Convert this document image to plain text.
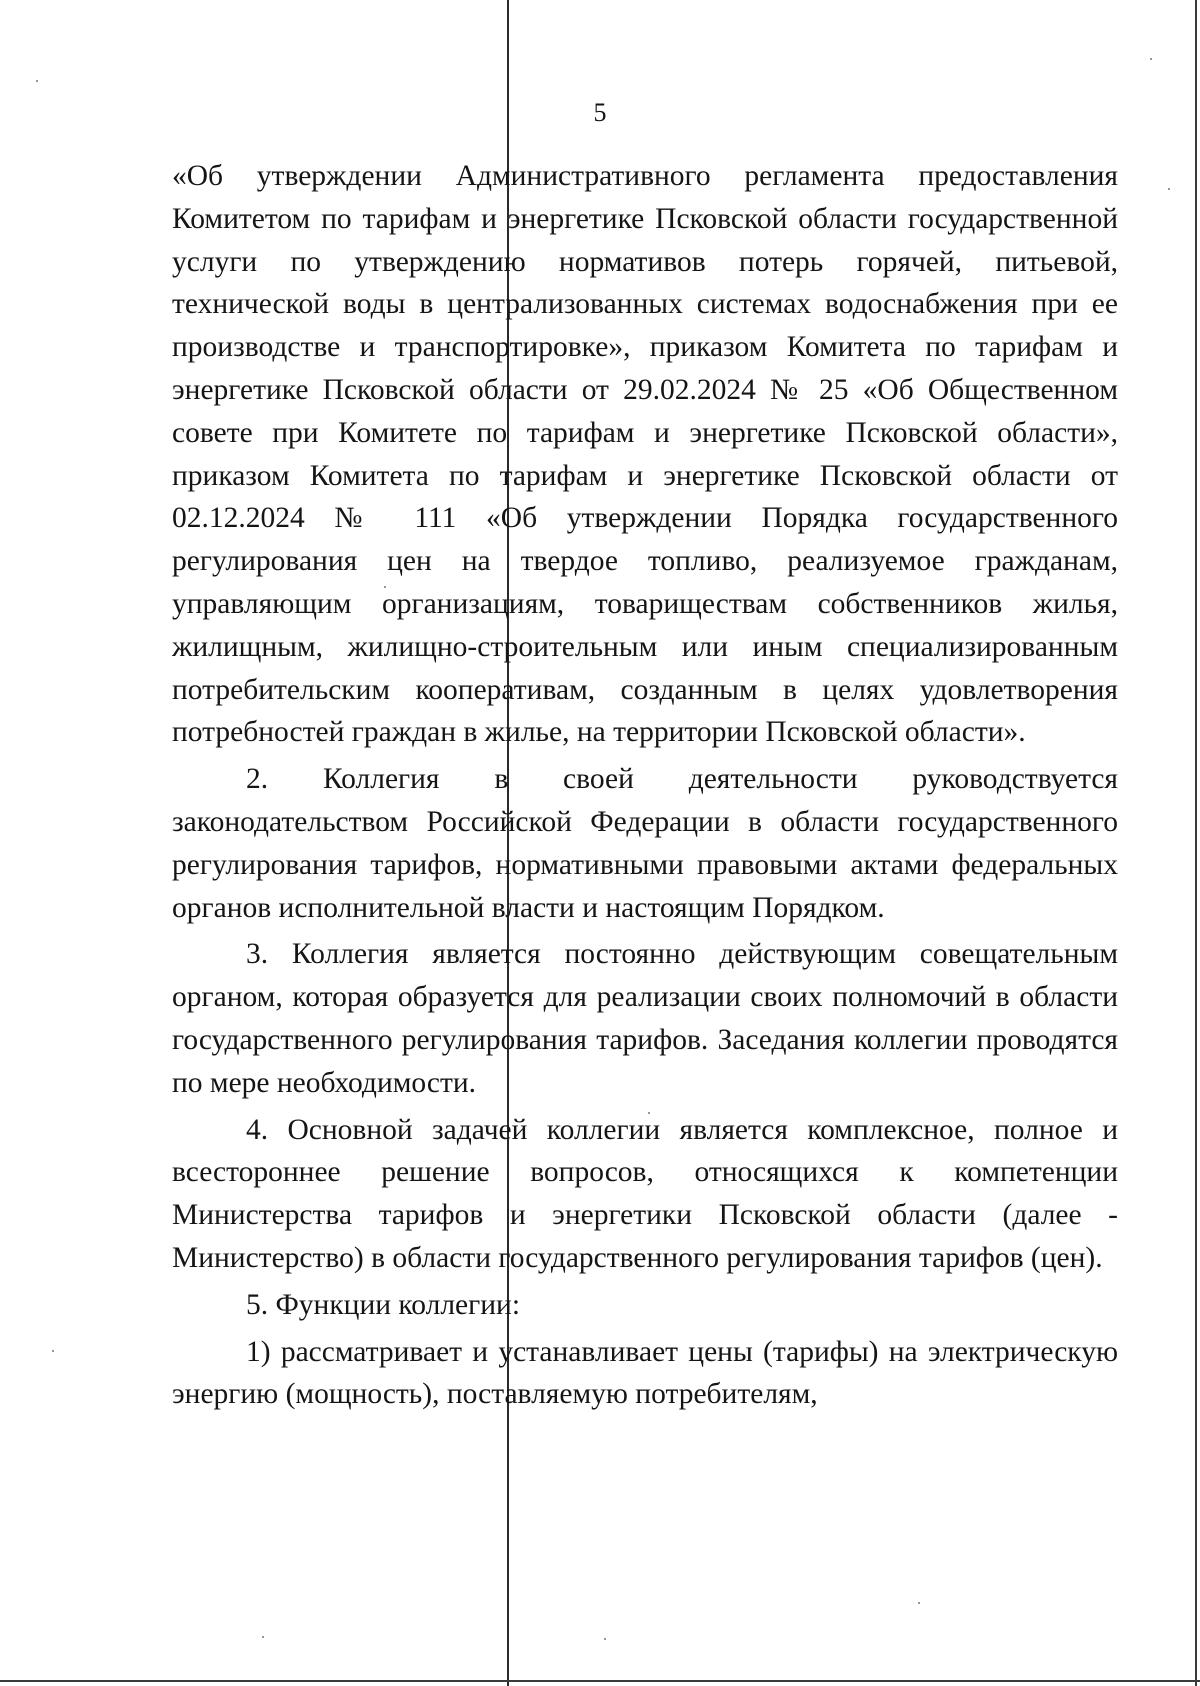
5

«Об утверждении Административного регламента предоставления Комитетом по тарифам и энергетике Псковской области государственной услуги по утверждению нормативов потерь горячей, питьевой, технической воды в централизованных системах водоснабжения при ее производстве и транспортировке», приказом Комитета по тарифам и энергетике Псковской области от 29.02.2024 № 25 «Об Общественном совете при Комитете по тарифам и энергетике Псковской области», приказом Комитета по тарифам и энергетике Псковской области от 02.12.2024 № 111 «Об утверждении Порядка государственного регулирования цен на твердое топливо, реализуемое гражданам, управляющим организациям, товариществам собственников жилья, жилищным, жилищно-строительным или иным специализированным потребительским кооперативам, созданным в целях удовлетворения потребностей граждан в жилье, на территории Псковской области».

2. Коллегия в своей деятельности руководствуется законодательством Российской Федерации в области государственного регулирования тарифов, нормативными правовыми актами федеральных органов исполнительной власти и настоящим Порядком.

3. Коллегия является постоянно действующим совещательным органом, которая образуется для реализации своих полномочий в области государственного регулирования тарифов. Заседания коллегии проводятся по мере необходимости.

4. Основной задачей коллегии является комплексное, полное и всестороннее решение вопросов, относящихся к компетенции Министерства тарифов и энергетики Псковской области (далее - Министерство) в области государственного регулирования тарифов (цен).

5. Функции коллегии:

1) рассматривает и устанавливает цены (тарифы) на электрическую энергию (мощность), поставляемую потребителям,
